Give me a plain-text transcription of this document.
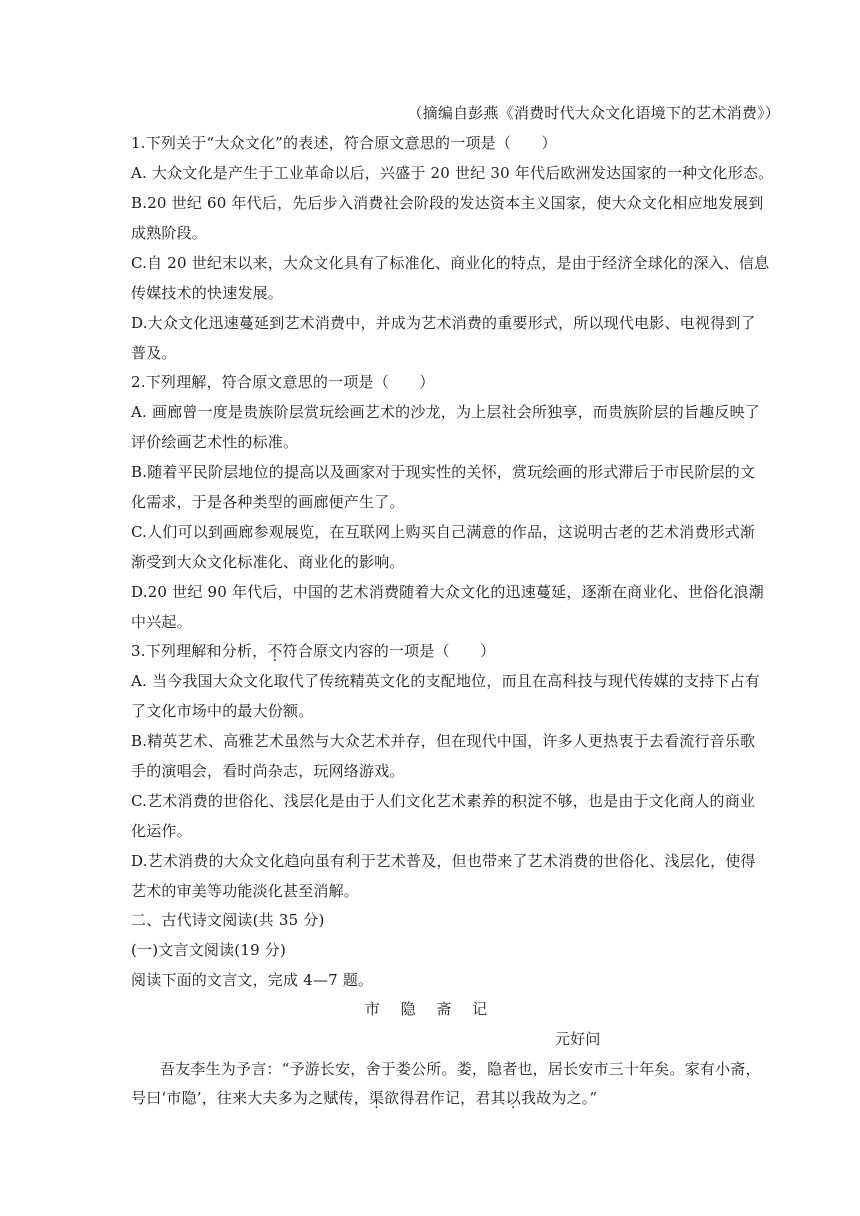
（摘编自彭燕《消费时代大众文化语境下的艺术消费》）
1.下列关于“大众文化”的表述，符合原文意思的一项是（　　）
A. 大众文化是产生于工业革命以后，兴盛于 20 世纪 30 年代后欧洲发达国家的一种文化形态。
B.20 世纪 60 年代后，先后步入消费社会阶段的发达资本主义国家，使大众文化相应地发展到
成熟阶段。
C.自 20 世纪末以来，大众文化具有了标准化、商业化的特点，是由于经济全球化的深入、信息
传媒技术的快速发展。
D.大众文化迅速蔓延到艺术消费中，并成为艺术消费的重要形式，所以现代电影、电视得到了
普及。
2.下列理解，符合原文意思的一项是（　　）
A. 画廊曾一度是贵族阶层赏玩绘画艺术的沙龙，为上层社会所独享，而贵族阶层的旨趣反映了
评价绘画艺术性的标准。
B.随着平民阶层地位的提高以及画家对于现实性的关怀，赏玩绘画的形式滞后于市民阶层的文
化需求，于是各种类型的画廊便产生了。
C.人们可以到画廊参观展览，在互联网上购买自己满意的作品，这说明古老的艺术消费形式渐
渐受到大众文化标准化、商业化的影响。
D.20 世纪 90 年代后，中国的艺术消费随着大众文化的迅速蔓延，逐渐在商业化、世俗化浪潮
中兴起。
3.下列理解和分析，不符合原文内容的一项是（　　）
A. 当今我国大众文化取代了传统精英文化的支配地位，而且在高科技与现代传媒的支持下占有
了文化市场中的最大份额。
B.精英艺术、高雅艺术虽然与大众艺术并存，但在现代中国，许多人更热衷于去看流行音乐歌
手的演唱会，看时尚杂志，玩网络游戏。
C.艺术消费的世俗化、浅层化是由于人们文化艺术素养的积淀不够，也是由于文化商人的商业
化运作。
D.艺术消费的大众文化趋向虽有利于艺术普及，但也带来了艺术消费的世俗化、浅层化，使得
艺术的审美等功能淡化甚至消解。
二、古代诗文阅读(共 35 分)
(一)文言文阅读(19 分)
阅读下面的文言文，完成 4—7 题。
市 隐 斋 记
元好问
吾友李生为予言：“予游长安，舍于娄公所。娄，隐者也，居长安市三十年矣。家有小斋，
号曰‘市隐’，往来大夫多为之赋传，渠欲得君作记，君其以我故为之。”
